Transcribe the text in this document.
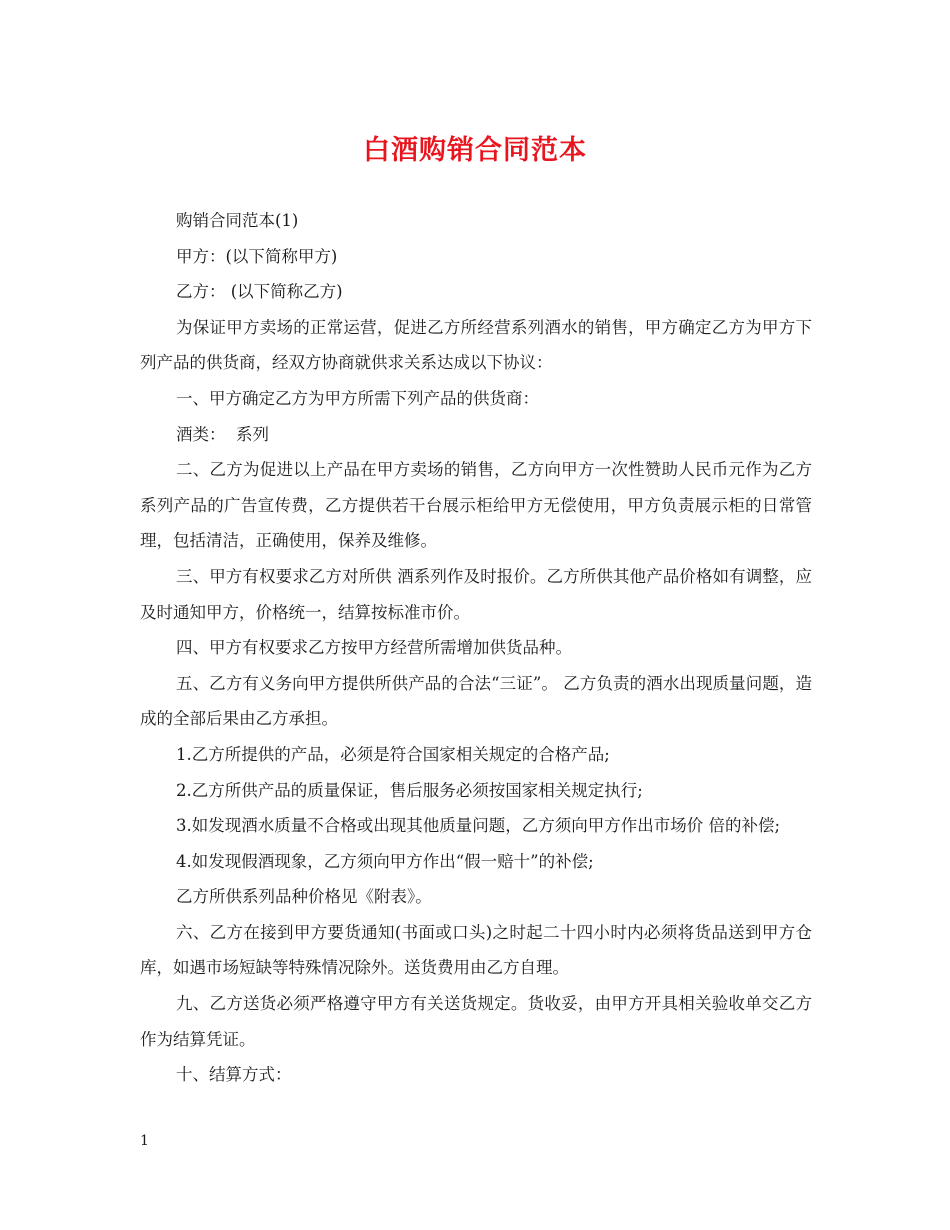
白酒购销合同范本

购销合同范本(1)

甲方：(以下简称甲方)

乙方： (以下简称乙方)

为保证甲方卖场的正常运营，促进乙方所经营系列酒水的销售，甲方确定乙方为甲方下列产品的供货商，经双方协商就供求关系达成以下协议：

一、甲方确定乙方为甲方所需下列产品的供货商：

酒类：  系列

二、乙方为促进以上产品在甲方卖场的销售，乙方向甲方一次性赞助人民币元作为乙方系列产品的广告宣传费，乙方提供若干台展示柜给甲方无偿使用，甲方负责展示柜的日常管理，包括清洁，正确使用，保养及维修。

三、甲方有权要求乙方对所供 酒系列作及时报价。乙方所供其他产品价格如有调整，应及时通知甲方，价格统一，结算按标准市价。

四、甲方有权要求乙方按甲方经营所需增加供货品种。

五、乙方有义务向甲方提供所供产品的合法“三证”。 乙方负责的酒水出现质量问题，造成的全部后果由乙方承担。

1.乙方所提供的产品，必须是符合国家相关规定的合格产品;

2.乙方所供产品的质量保证，售后服务必须按国家相关规定执行;

3.如发现酒水质量不合格或出现其他质量问题，乙方须向甲方作出市场价 倍的补偿;

4.如发现假酒现象，乙方须向甲方作出“假一赔十”的补偿;

乙方所供系列品种价格见《附表》。

六、乙方在接到甲方要货通知(书面或口头)之时起二十四小时内必须将货品送到甲方仓库，如遇市场短缺等特殊情况除外。送货费用由乙方自理。

九、乙方送货必须严格遵守甲方有关送货规定。货收妥，由甲方开具相关验收单交乙方作为结算凭证。

十、结算方式：

1
